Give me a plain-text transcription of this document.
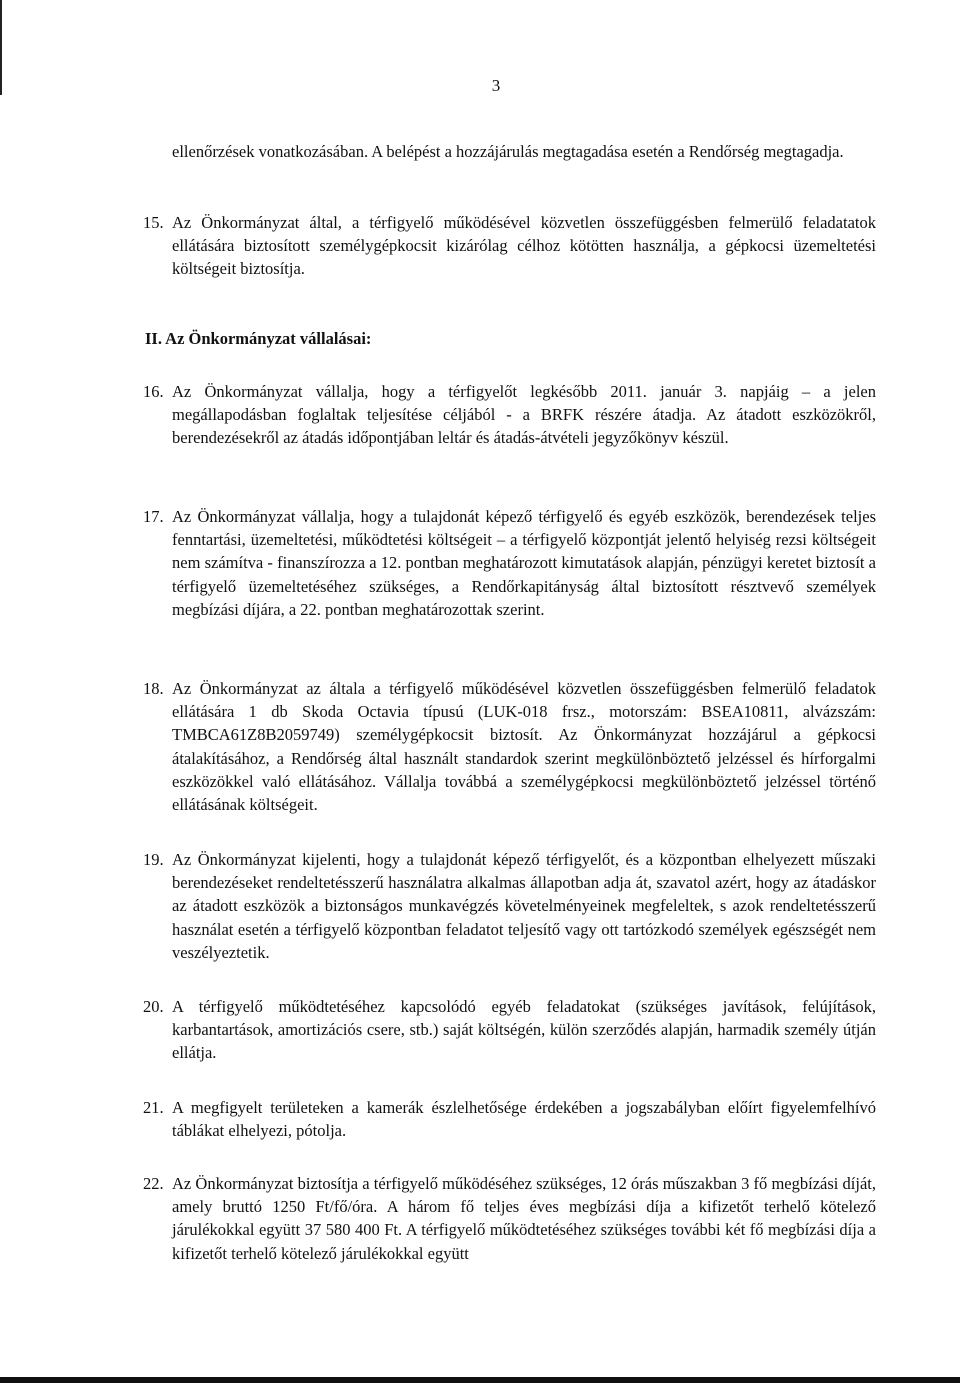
3
ellenőrzések vonatkozásában. A belépést a hozzájárulás megtagadása esetén a Rendőrség megtagadja.
15. Az Önkormányzat által, a térfigyelő működésével közvetlen összefüggésben felmerülő feladatatok ellátására biztosított személygépkocsit kizárólag célhoz kötötten használja, a gépkocsi üzemeltetési költségeit biztosítja.
II. Az Önkormányzat vállalásai:
16. Az Önkormányzat vállalja, hogy a térfigyelőt legkésőbb 2011. január 3. napjáig – a jelen megállapodásban foglaltak teljesítése céljából - a BRFK részére átadja. Az átadott eszközökről, berendezésekről az átadás időpontjában leltár és átadás-átvételi jegyzőkönyv készül.
17. Az Önkormányzat vállalja, hogy a tulajdonát képező térfigyelő és egyéb eszközök, berendezések teljes fenntartási, üzemeltetési, működtetési költségeit – a térfigyelő központját jelentő helyiség rezsi költségeit nem számítva - finanszírozza a 12. pontban meghatározott kimutatások alapján, pénzügyi keretet biztosít a térfigyelő üzemeltetéséhez szükséges, a Rendőrkapitányság által biztosított résztvevő személyek megbízási díjára, a 22. pontban meghatározottak szerint.
18. Az Önkormányzat az általa a térfigyelő működésével közvetlen összefüggésben felmerülő feladatok ellátására 1 db Skoda Octavia típusú (LUK-018 frsz., motorszám: BSEA10811, alvázszám: TMBCA61Z8B2059749) személygépkocsit biztosít. Az Önkormányzat hozzájárul a gépkocsi átalakításához, a Rendőrség által használt standardok szerint megkülönböztető jelzéssel és hírforgalmi eszközökkel való ellátásához. Vállalja továbbá a személygépkocsi megkülönböztető jelzéssel történő ellátásának költségeit.
19. Az Önkormányzat kijelenti, hogy a tulajdonát képező térfigyelőt, és a központban elhelyezett műszaki berendezéseket rendeltetésszerű használatra alkalmas állapotban adja át, szavatol azért, hogy az átadáskor az átadott eszközök a biztonságos munkavégzés követelményeinek megfeleltek, s azok rendeltetésszerű használat esetén a térfigyelő központban feladatot teljesítő vagy ott tartózkodó személyek egészségét nem veszélyeztetik.
20. A térfigyelő működtetéséhez kapcsolódó egyéb feladatokat (szükséges javítások, felújítások, karbantartások, amortizációs csere, stb.) saját költségén, külön szerződés alapján, harmadik személy útján ellátja.
21. A megfigyelt területeken a kamerák észlelhetősége érdekében a jogszabályban előírt figyelemfelhívó táblákat elhelyezi, pótolja.
22. Az Önkormányzat biztosítja a térfigyelő működéséhez szükséges, 12 órás műszakban 3 fő megbízási díját, amely bruttó 1250 Ft/fő/óra. A három fő teljes éves megbízási díja a kifizetőt terhelő kötelező járulékokkal együtt 37 580 400 Ft. A térfigyelő működtetéséhez szükséges további két fő megbízási díja a kifizetőt terhelő kötelező járulékokkal együtt
